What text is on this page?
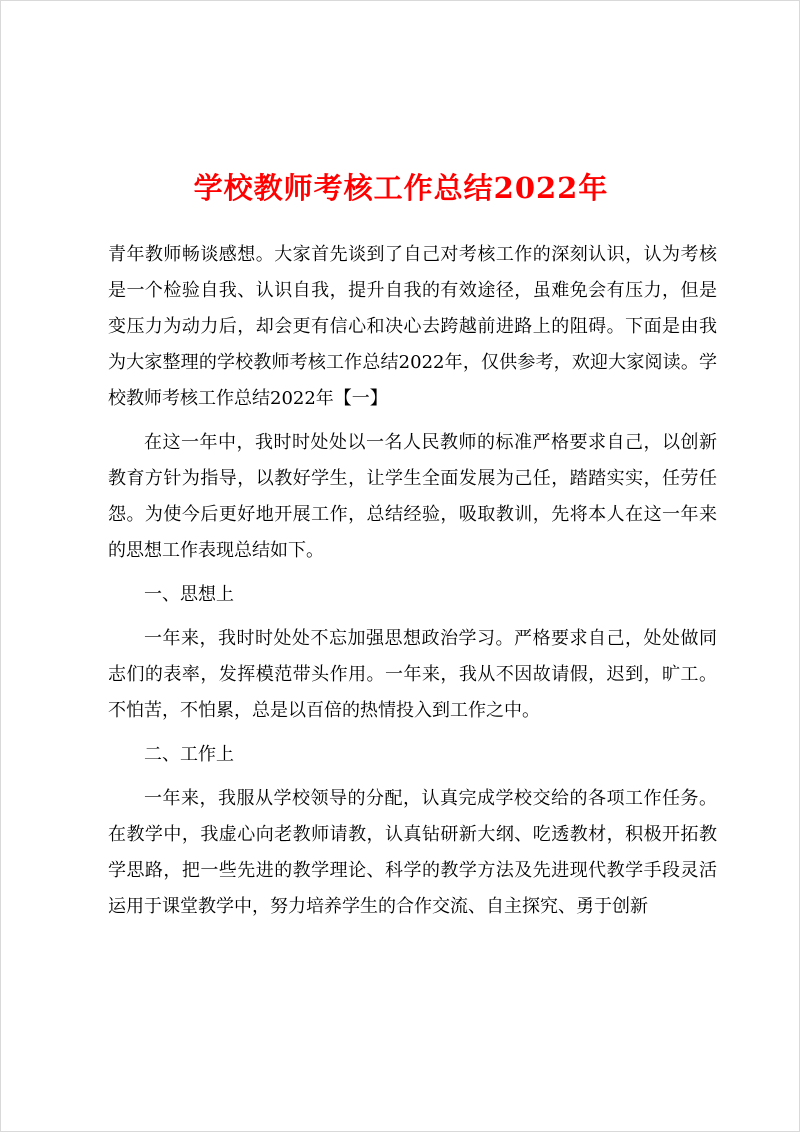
学校教师考核工作总结2022年

青年教师畅谈感想。大家首先谈到了自己对考核工作的深刻认识，认为考核是一个检验自我、认识自我，提升自我的有效途径，虽难免会有压力，但是变压力为动力后，却会更有信心和决心去跨越前进路上的阻碍。下面是由我为大家整理的学校教师考核工作总结2022年，仅供参考，欢迎大家阅读。学校教师考核工作总结2022年【一】

在这一年中，我时时处处以一名人民教师的标准严格要求自己，以创新教育方针为指导，以教好学生，让学生全面发展为己任，踏踏实实，任劳任怨。为使今后更好地开展工作，总结经验，吸取教训，先将本人在这一年来的思想工作表现总结如下。

一、思想上

一年来，我时时处处不忘加强思想政治学习。严格要求自己，处处做同志们的表率，发挥模范带头作用。一年来，我从不因故请假，迟到，旷工。不怕苦，不怕累，总是以百倍的热情投入到工作之中。

二、工作上

一年来，我服从学校领导的分配，认真完成学校交给的各项工作任务。在教学中，我虚心向老教师请教，认真钻研新大纲、吃透教材，积极开拓教学思路，把一些先进的教学理论、科学的教学方法及先进现代教学手段灵活运用于课堂教学中，努力培养学生的合作交流、自主探究、勇于创新
